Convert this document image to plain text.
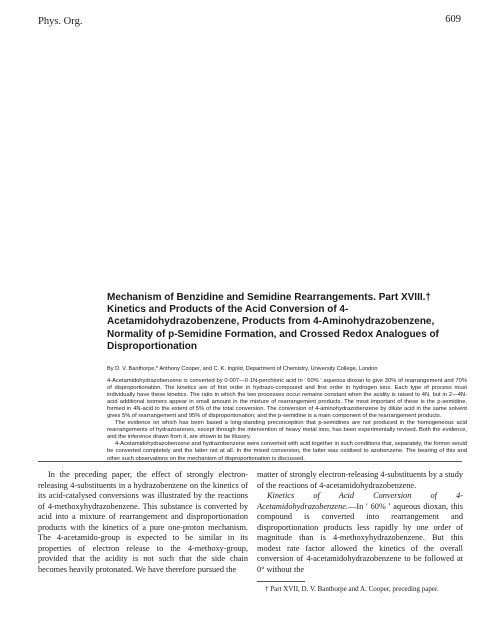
Phys. Org.	609
Mechanism of Benzidine and Semidine Rearrangements. Part XVIII.† Kinetics and Products of the Acid Conversion of 4-Acetamidohydrazobenzene, Products from 4-Aminohydrazobenzene, Normality of p-Semidine Formation, and Crossed Redox Analogues of Disproportionation
By D. V. Banthorpe,* Anthony Cooper, and C. K. Ingold, Department of Chemistry, University College, London

4-Acetamidohydrazobenzene is converted by 0·007—0·1N-perchloric acid in ' 60% ' aqueous dioxan to give 30% of rearrangement and 70% of disproportionation. The kinetics are of first order in hydrazo-compound and first order in hydrogen ions. Each type of process must individually have these kinetics. The ratio in which the two processes occur remains constant when the acidity is raised to 4N, but in 2—4N-acid additional isomers appear in small amount in the mixture of rearrangement products. The most important of these is the p-semidine, formed in 4N-acid to the extent of 5% of the total conversion. The conversion of 4-aminohydrazobenzene by dilute acid in the same solvent gives 5% of rearrangement and 95% of disproportionation; and the p-semidine is a main component of the rearrangement products.

The evidence on which has been based a long-standing preconception that p-semidines are not produced in the homogeneous acid rearrangements of hydrazoarenes, except through the intervention of heavy metal ions, has been experimentally revised. Both the evidence, and the inference drawn from it, are shown to be illusory.

4-Acetamidohydrazobenzene and hydrazobenzene were converted with acid together in such conditions that, separately, the former would be converted completely and the latter not at all. In the mixed conversion, the latter was oxidised to azobenzene. The bearing of this and other such observations on the mechanism of disproportionation is discussed.

In the preceding paper, the effect of strongly electron-releasing 4-substituents in a hydrazobenzene on the kinetics of its acid-catalysed conversions was illustrated by the reactions of 4-methoxyhydrazobenzene. This substance is converted by acid into a mixture of rearrangement and disproportionation products with the kinetics of a pure one-proton mechanism. The 4-acetamido-group is expected to be similar in its properties of electron release to the 4-methoxy-group, provided that the acidity is not such that the side chain becomes heavily protonated. We have therefore pursued the

matter of strongly electron-releasing 4-substituents by a study of the reactions of 4-acetamidohydrazobenzene.

Kinetics of Acid Conversion of 4-Acetamidohydrazobenzene.—In ' 60% ' aqueous dioxan, this compound is converted into rearrangement and disproportionation products less rapidly by one order of magnitude than is 4-methoxyhydrazobenzene. But this modest rate factor allowed the kinetics of the overall conversion of 4-acetamidohydrazobenzene to be followed at 0° without the

† Part XVII, D. V. Banthorpe and A. Cooper, preceding paper.
